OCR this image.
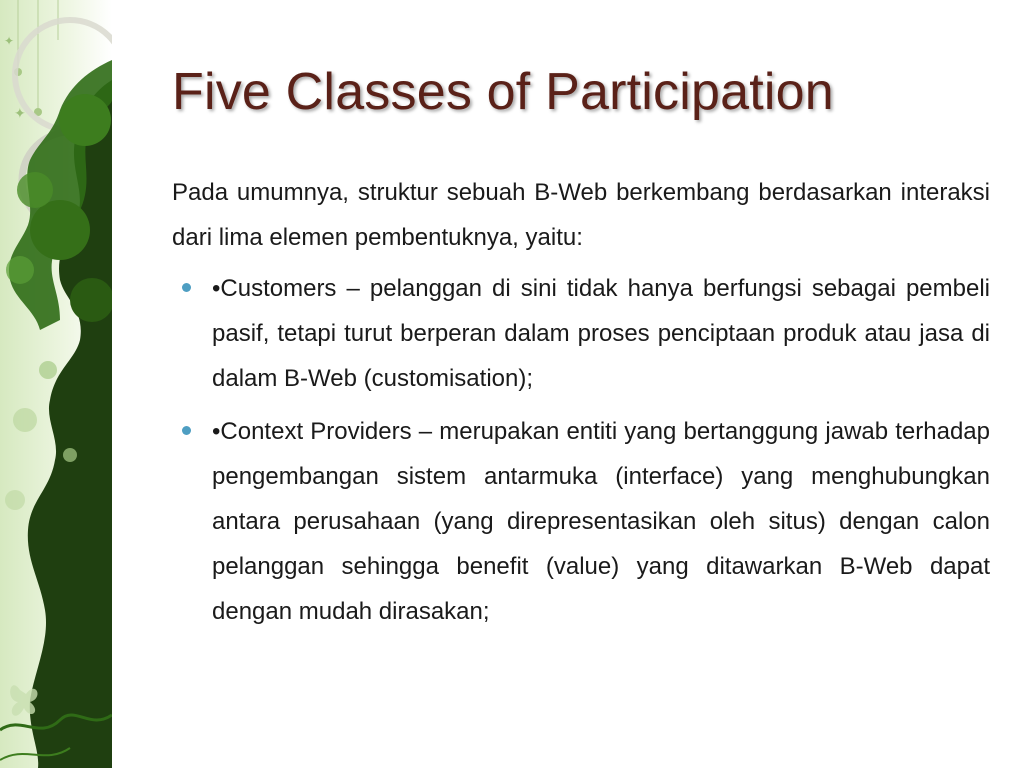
✦
✦
Five Classes of Participation

Pada umumnya, struktur sebuah B-Web berkembang berdasarkan interaksi dari lima elemen pembentuknya, yaitu:

•Customers – pelanggan di sini tidak hanya berfungsi sebagai pembeli pasif, tetapi turut berperan dalam proses penciptaan produk atau jasa di dalam B-Web (customisation);
•Context Providers – merupakan entiti yang bertanggung jawab terhadap pengembangan sistem antarmuka (interface) yang menghubungkan antara perusahaan (yang direpresentasikan oleh situs) dengan calon pelanggan sehingga benefit (value) yang ditawarkan B-Web dapat dengan mudah dirasakan;
